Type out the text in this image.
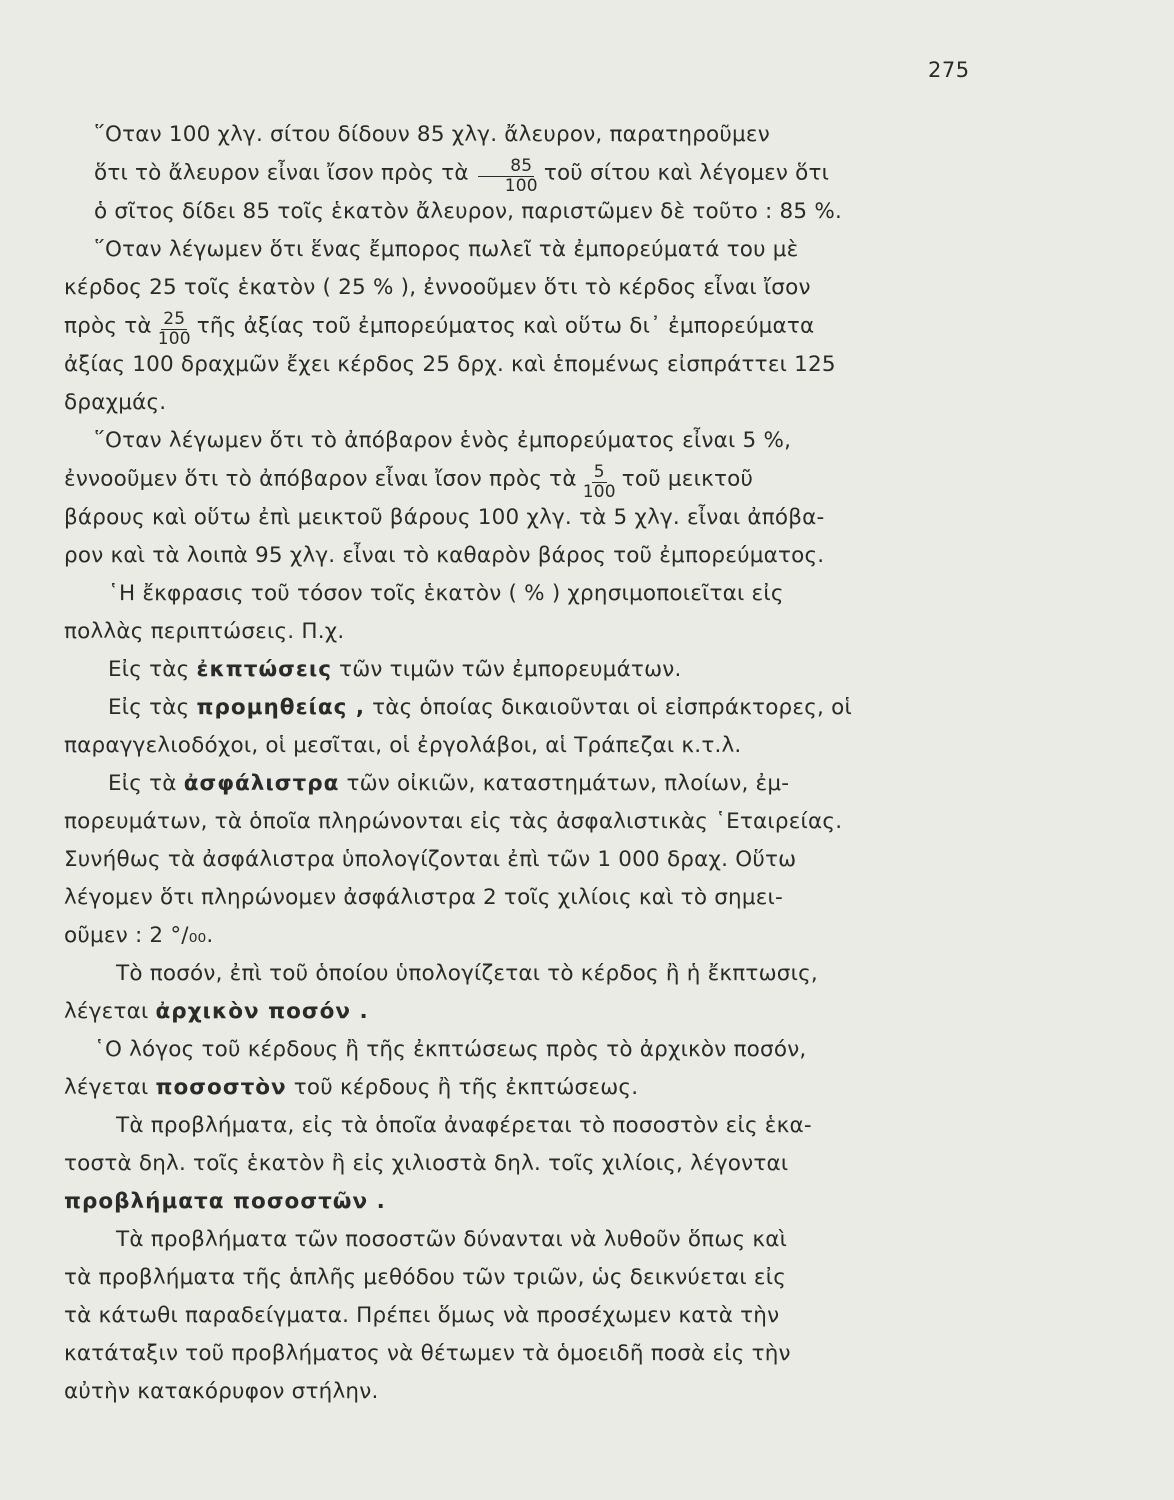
275
῞Οταν 100 χλγ. σίτου δίδουν 85 χλγ. ἄλευρον, παρατηροῦμεν
ὅτι τὸ ἄλευρον εἶναι ἴσον πρὸς τὰ $\frac{85}{100}$ τοῦ σίτου καὶ λέγομεν ὅτι
ὁ σῖτος δίδει 85 τοῖς ἑκατὸν ἄλευρον, παριστῶμεν δὲ τοῦτο : 85 %.
῞Οταν λέγωμεν ὅτι ἕνας ἔμπορος πωλεῖ τὰ ἐμπορεύματά του μὲ
κέρδος 25 τοῖς ἑκατὸν ( 25 % ), ἐννοοῦμεν ὅτι τὸ κέρδος εἶναι ἴσον
πρὸς τὰ $\frac{25}{100}$ τῆς ἀξίας τοῦ ἐμπορεύματος καὶ οὕτω δι᾽ ἐμπορεύματα
ἀξίας 100 δραχμῶν ἔχει κέρδος 25 δρχ. καὶ ἑπομένως εἰσπράττει 125
δραχμάς.
῞Οταν λέγωμεν ὅτι τὸ ἀπόβαρον ἑνὸς ἐμπορεύματος εἶναι 5 %,
ἐννοοῦμεν ὅτι τὸ ἀπόβαρον εἶναι ἴσον πρὸς τὰ $\frac{5}{100}$ τοῦ μεικτοῦ
βάρους καὶ οὕτω ἐπὶ μεικτοῦ βάρους 100 χλγ. τὰ 5 χλγ. εἶναι ἀπόβα-
ρον καὶ τὰ λοιπὰ 95 χλγ. εἶναι τὸ καθαρὸν βάρος τοῦ ἐμπορεύματος.
῾Η ἔκφρασις τοῦ τόσον τοῖς ἑκατὸν ( % ) χρησιμοποιεῖται εἰς
πολλὰς περιπτώσεις. Π.χ.
Εἰς τὰς ἐκπτώσεις τῶν τιμῶν τῶν ἐμπορευμάτων.
Εἰς τὰς προμηθείας , τὰς ὁποίας δικαιοῦνται οἱ εἰσπράκτορες, οἱ
παραγγελιοδόχοι, οἱ μεσῖται, οἱ ἐργολάβοι, αἱ Τράπεζαι κ.τ.λ.
Εἰς τὰ ἀσφάλιστρα τῶν οἰκιῶν, καταστημάτων, πλοίων, ἐμ-
πορευμάτων, τὰ ὁποῖα πληρώνονται εἰς τὰς ἀσφαλιστικὰς ῾Εταιρείας.
Συνήθως τὰ ἀσφάλιστρα ὑπολογίζονται ἐπὶ τῶν 1 000 δραχ. Οὕτω
λέγομεν ὅτι πληρώνομεν ἀσφάλιστρα 2 τοῖς χιλίοις καὶ τὸ σημει-
οῦμεν : 2 °/₀₀.
Τὸ ποσόν, ἐπὶ τοῦ ὁποίου ὑπολογίζεται τὸ κέρδος ἢ ἡ ἔκπτωσις,
λέγεται ἀρχικὸν ποσόν .
῾Ο λόγος τοῦ κέρδους ἢ τῆς ἐκπτώσεως πρὸς τὸ ἀρχικὸν ποσόν,
λέγεται ποσοστὸν τοῦ κέρδους ἢ τῆς ἐκπτώσεως.
Τὰ προβλήματα, εἰς τὰ ὁποῖα ἀναφέρεται τὸ ποσοστὸν εἰς ἑκα-
τοστὰ δηλ. τοῖς ἑκατὸν ἢ εἰς χιλιοστὰ δηλ. τοῖς χιλίοις, λέγονται
προβλήματα ποσοστῶν .
Τὰ προβλήματα τῶν ποσοστῶν δύνανται νὰ λυθοῦν ὅπως καὶ
τὰ προβλήματα τῆς ἁπλῆς μεθόδου τῶν τριῶν, ὡς δεικνύεται εἰς
τὰ κάτωθι παραδείγματα. Πρέπει ὅμως νὰ προσέχωμεν κατὰ τὴν
κατάταξιν τοῦ προβλήματος νὰ θέτωμεν τὰ ὁμοειδῆ ποσὰ εἰς τὴν
αὐτὴν κατακόρυφον στήλην.
